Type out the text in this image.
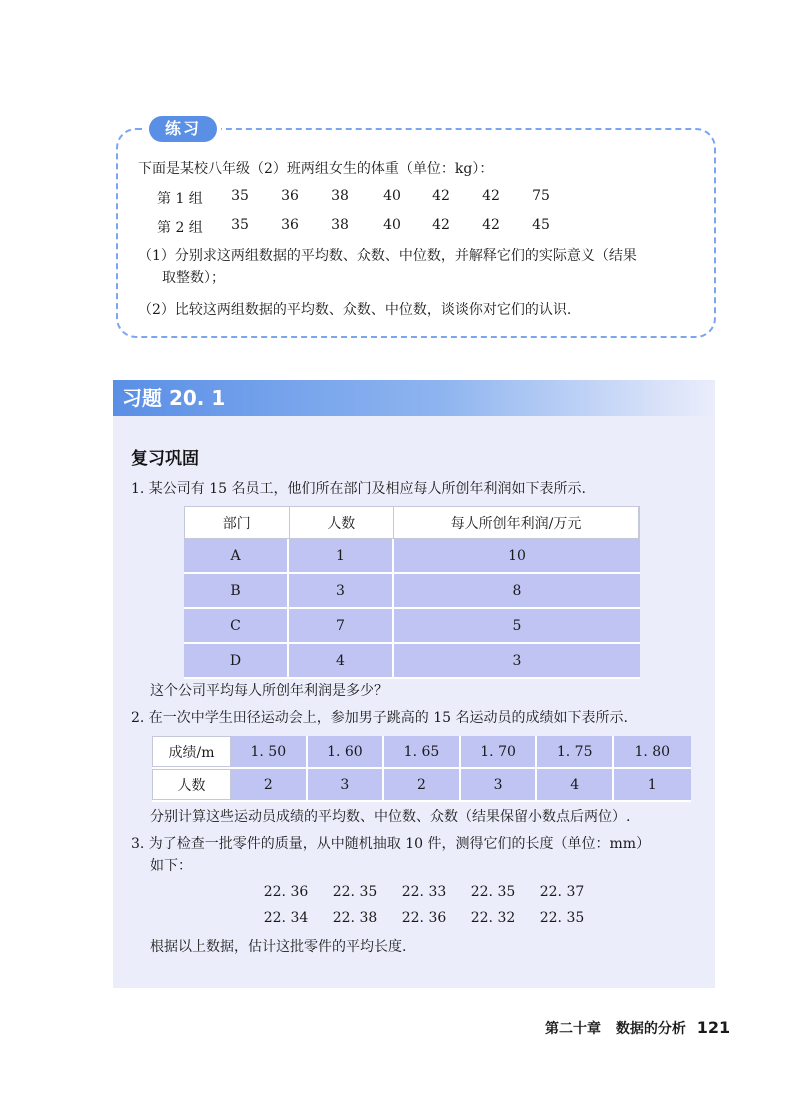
练习
下面是某校八年级（2）班两组女生的体重（单位：kg）：
第 1 组	35	36	38	40	42	42	75
第 2 组	35	36	38	40	42	42	45
（1）分别求这两组数据的平均数、众数、中位数，并解释它们的实际意义（结果
取整数）；
（2）比较这两组数据的平均数、众数、中位数，谈谈你对它们的认识.
习题 20. 1
复习巩固
1. 某公司有 15 名员工，他们所在部门及相应每人所创年利润如下表所示.
部门	人数	每人所创年利润/万元
A	1	10
B	3	8
C	7	5
D	4	3
这个公司平均每人所创年利润是多少？
2. 在一次中学生田径运动会上，参加男子跳高的 15 名运动员的成绩如下表所示.
成绩/m	1. 50	1. 60	1. 65	1. 70	1. 75	1. 80
人数	2	3	2	3	4	1
分别计算这些运动员成绩的平均数、中位数、众数（结果保留小数点后两位）.
3. 为了检查一批零件的质量，从中随机抽取 10 件，测得它们的长度（单位：mm）
如下：
22. 36 22. 35 22. 33 22. 35 22. 37
22. 34 22. 38 22. 36 22. 32 22. 35
根据以上数据，估计这批零件的平均长度.
第二十章 数据的分析 121
